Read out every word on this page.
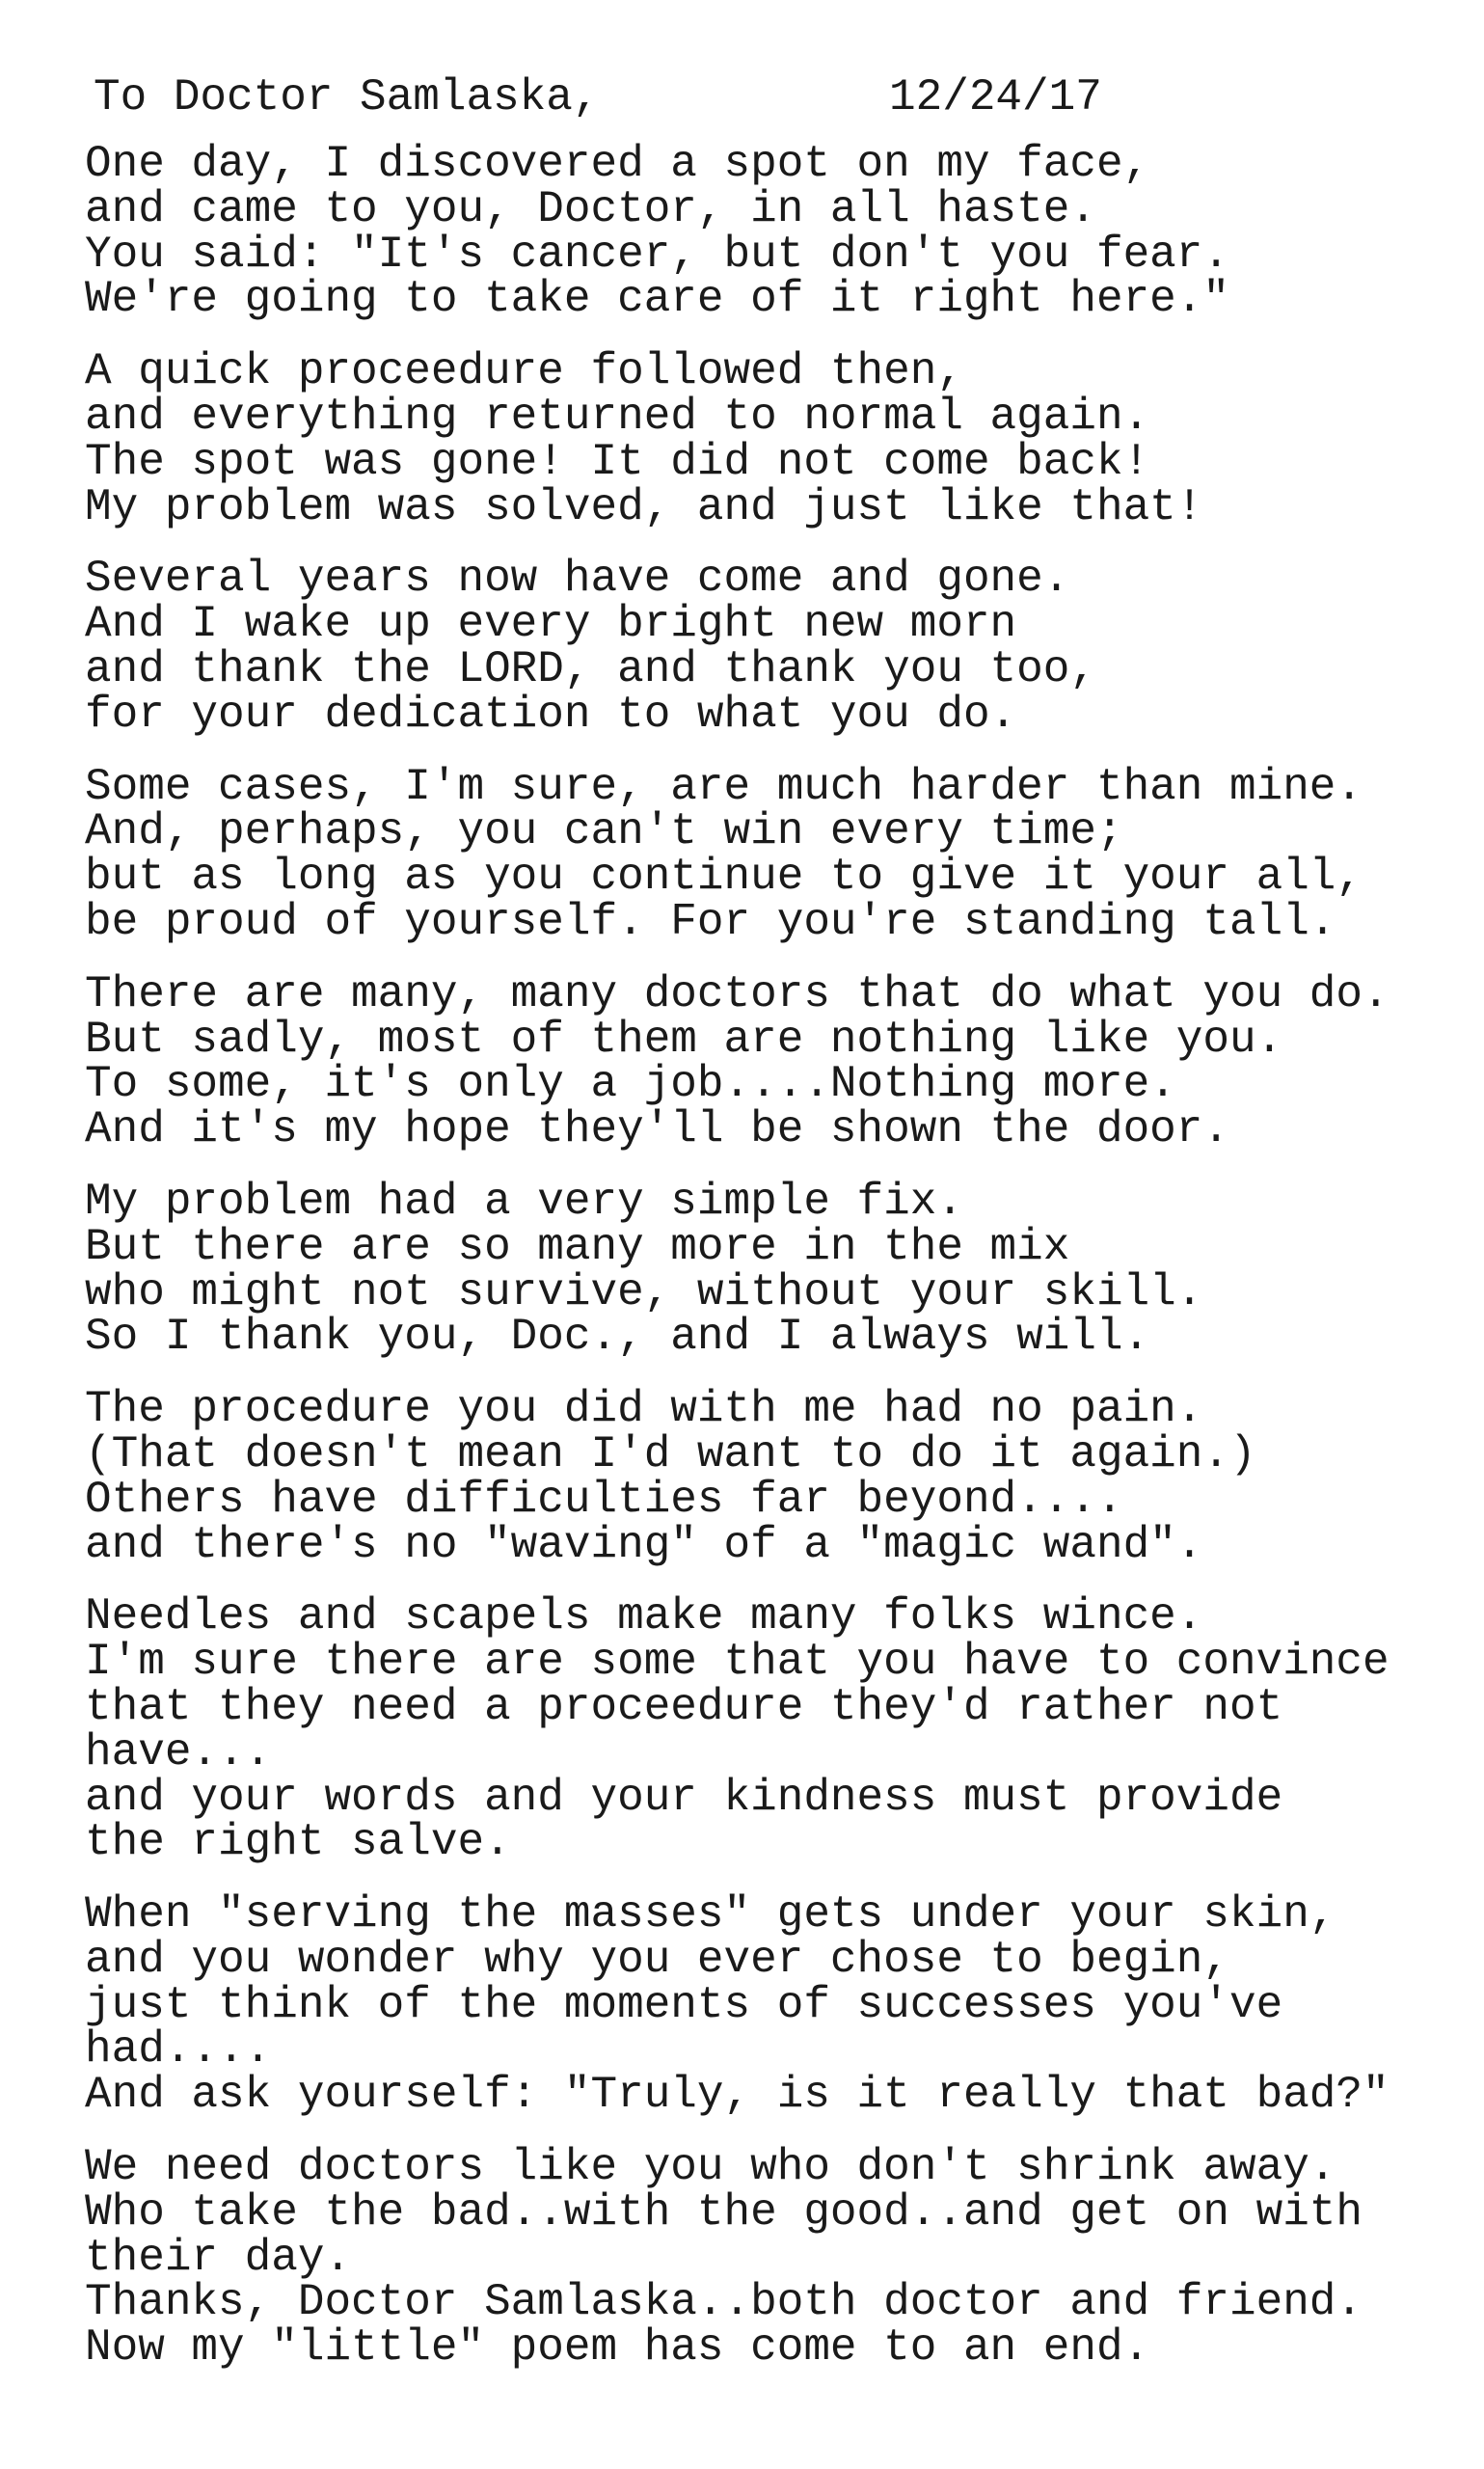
To Doctor Samlaska,	12/24/17
One day, I discovered a spot on my face,
and came to you, Doctor, in all haste.
You said: "It's cancer, but don't you fear.
We're going to take care of it right here."
A quick proceedure followed then,
and everything returned to normal again.
The spot was gone! It did not come back!
My problem was solved, and just like that!
Several years now have come and gone.
And I wake up every bright new morn
and thank the LORD, and thank you too,
for your dedication to what you do.
Some cases, I'm sure, are much harder than mine.
And, perhaps, you can't win every time;
but as long as you continue to give it your all,
be proud of yourself. For you're standing tall.
There are many, many doctors that do what you do.
But sadly, most of them are nothing like you.
To some, it's only a job....Nothing more.
And it's my hope they'll be shown the door.
My problem had a very simple fix.
But there are so many more in the mix
who might not survive, without your skill.
So I thank you, Doc., and I always will.
The procedure you did with me had no pain.
(That doesn't mean I'd want to do it again.)
Others have difficulties far beyond....
and there's no "waving" of a "magic wand".
Needles and scapels make many folks wince.
I'm sure there are some that you have to convince
that they need a proceedure they'd rather not
have...
and your words and your kindness must provide
the right salve.
When "serving the masses" gets under your skin,
and you wonder why you ever chose to begin,
just think of the moments of successes you've
had....
And ask yourself: "Truly, is it really that bad?"
We need doctors like you who don't shrink away.
Who take the bad..with the good..and get on with
their day.
Thanks, Doctor Samlaska..both doctor and friend.
Now my "little" poem has come to an end.
